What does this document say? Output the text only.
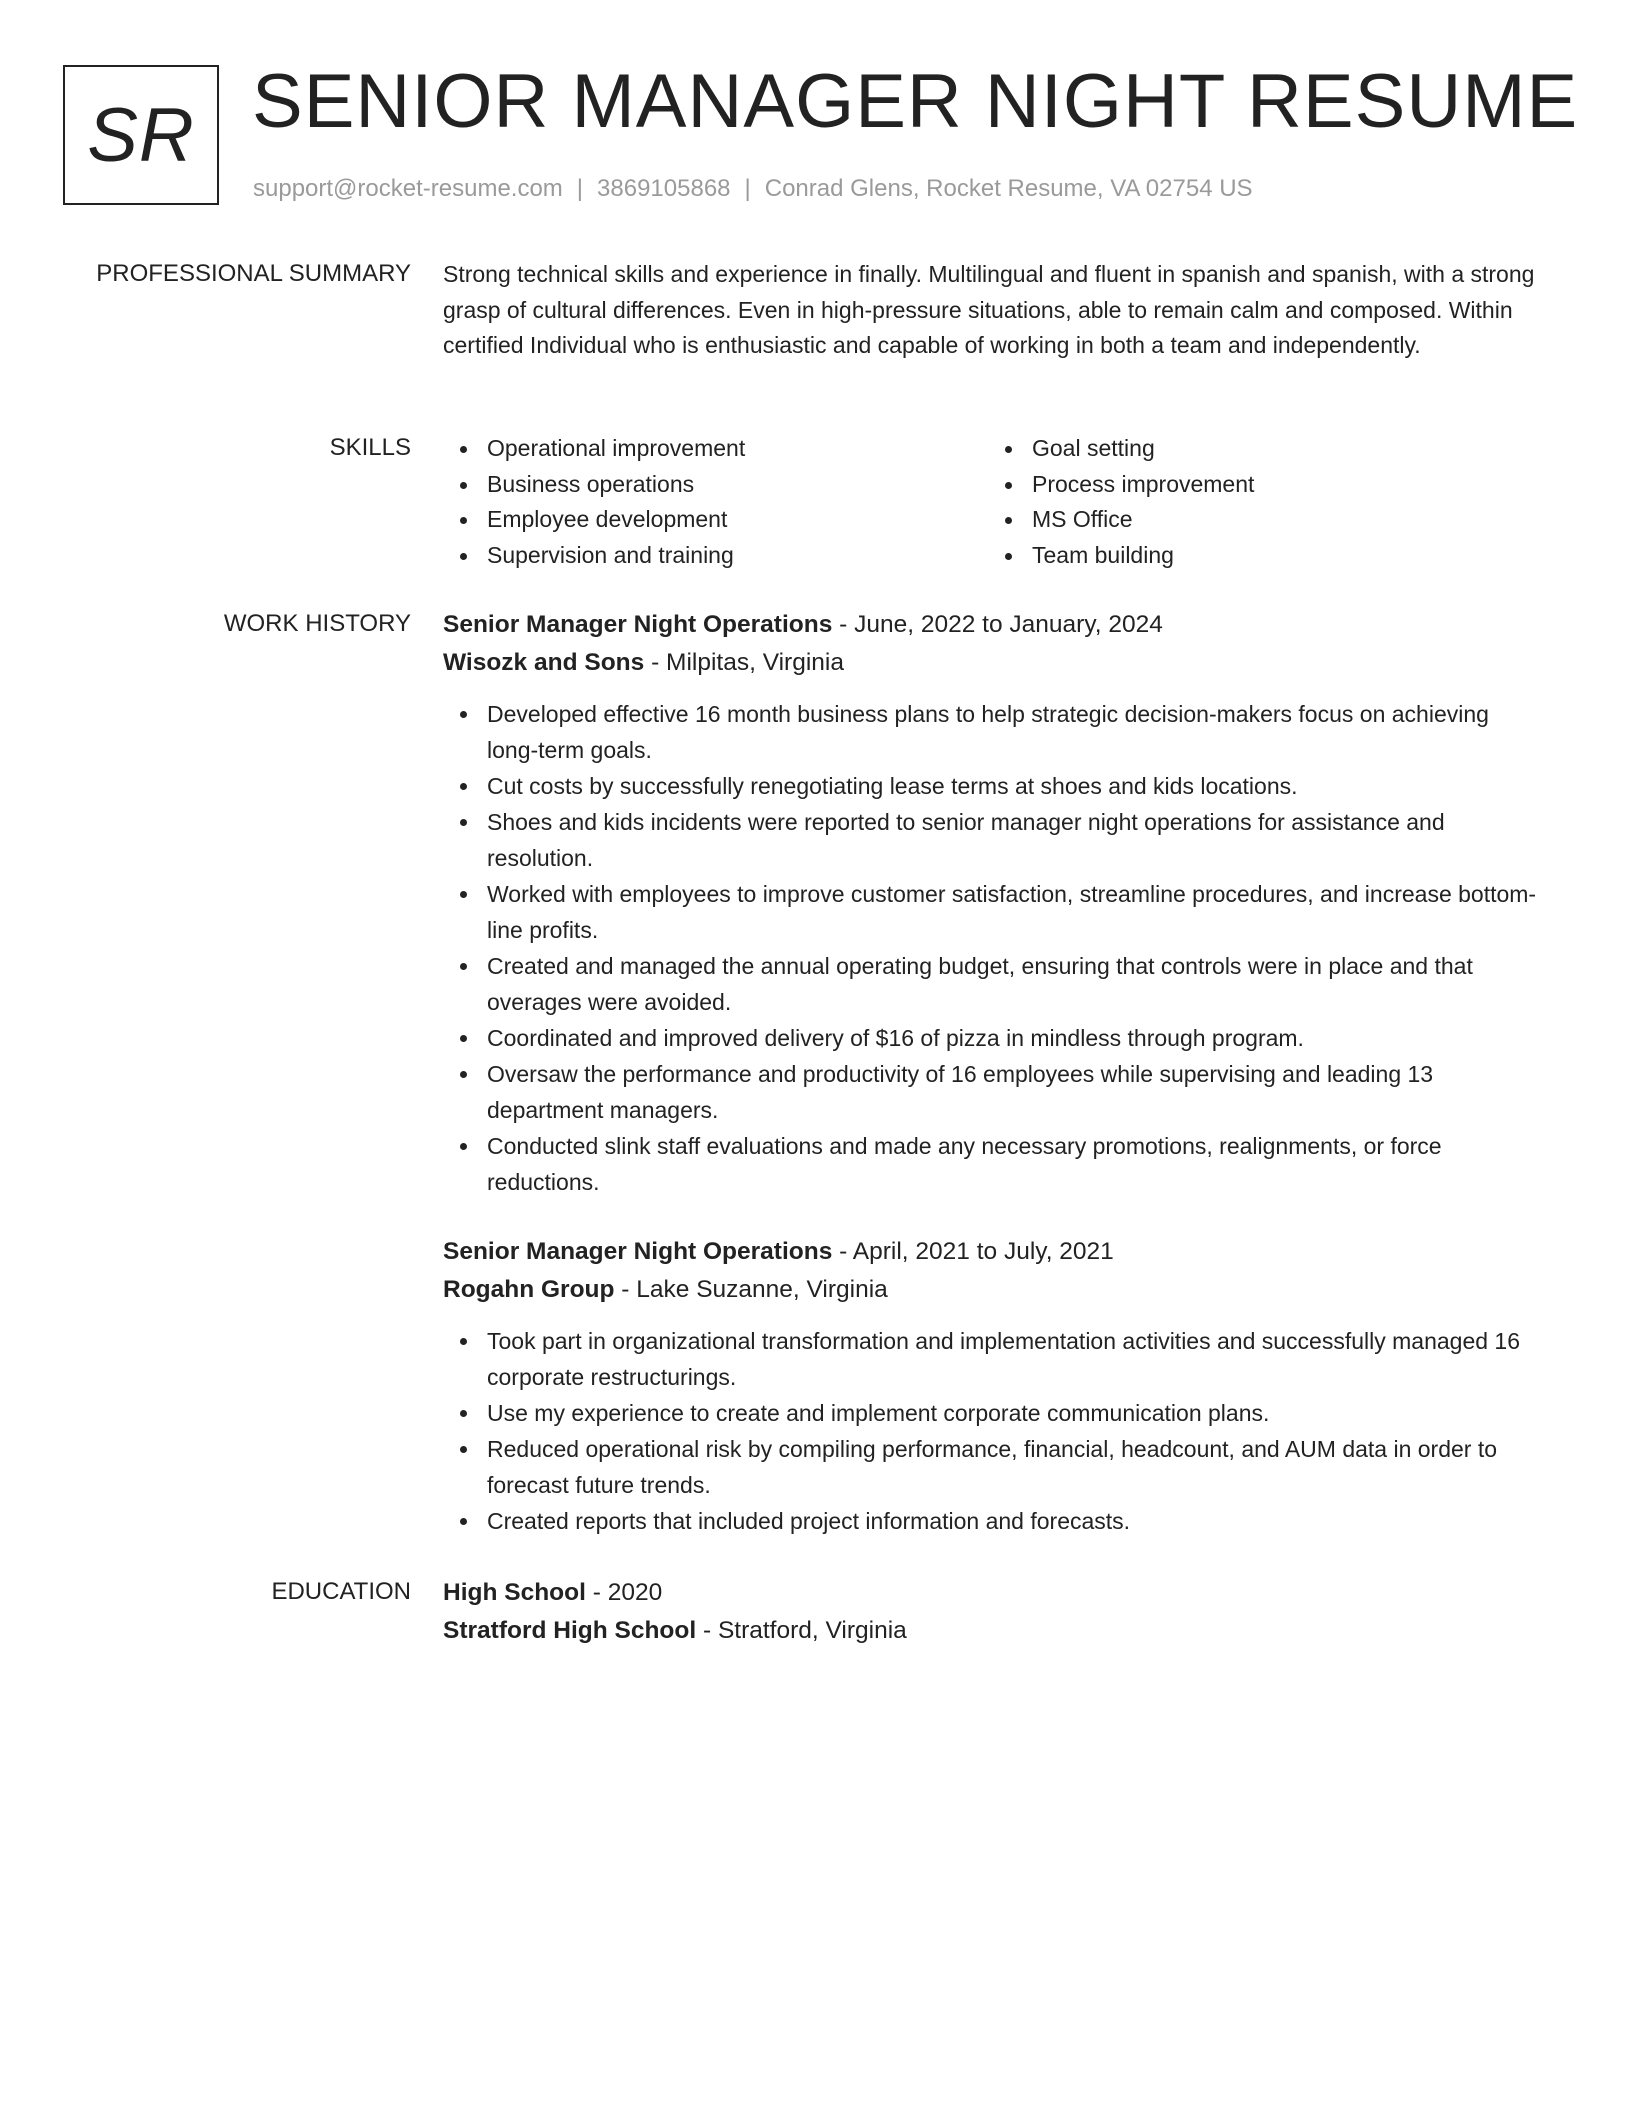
SR SENIOR MANAGER NIGHT RESUME
support@rocket-resume.com | 3869105868 | Conrad Glens, Rocket Resume, VA 02754 US
PROFESSIONAL SUMMARY Strong technical skills and experience in finally. Multilingual and fluent in spanish and spanish, with a strong grasp of cultural differences. Even in high-pressure situations, able to remain calm and composed. Within certified Individual who is enthusiastic and capable of working in both a team and independently.

SKILLS	Operational improvement
Business operations
Employee development
Supervision and training
Goal setting
Process improvement
MS Office
Team building
WORK HISTORY Senior Manager Night Operations - June, 2022 to January, 2024

Wisozk and Sons - Milpitas, Virginia

Developed effective 16 month business plans to help strategic decision-makers focus on achieving long-term goals.
Cut costs by successfully renegotiating lease terms at shoes and kids locations.
Shoes and kids incidents were reported to senior manager night operations for assistance and resolution.
Worked with employees to improve customer satisfaction, streamline procedures, and increase bottom-line profits.
Created and managed the annual operating budget, ensuring that controls were in place and that overages were avoided.
Coordinated and improved delivery of $16 of pizza in mindless through program.
Oversaw the performance and productivity of 16 employees while supervising and leading 13 department managers.
Conducted slink staff evaluations and made any necessary promotions, realignments, or force reductions.

Senior Manager Night Operations - April, 2021 to July, 2021

Rogahn Group - Lake Suzanne, Virginia

Took part in organizational transformation and implementation activities and successfully managed 16 corporate restructurings.
Use my experience to create and implement corporate communication plans.
Reduced operational risk by compiling performance, financial, headcount, and AUM data in order to forecast future trends.
Created reports that included project information and forecasts.
EDUCATION High School - 2020

Stratford High School - Stratford, Virginia
